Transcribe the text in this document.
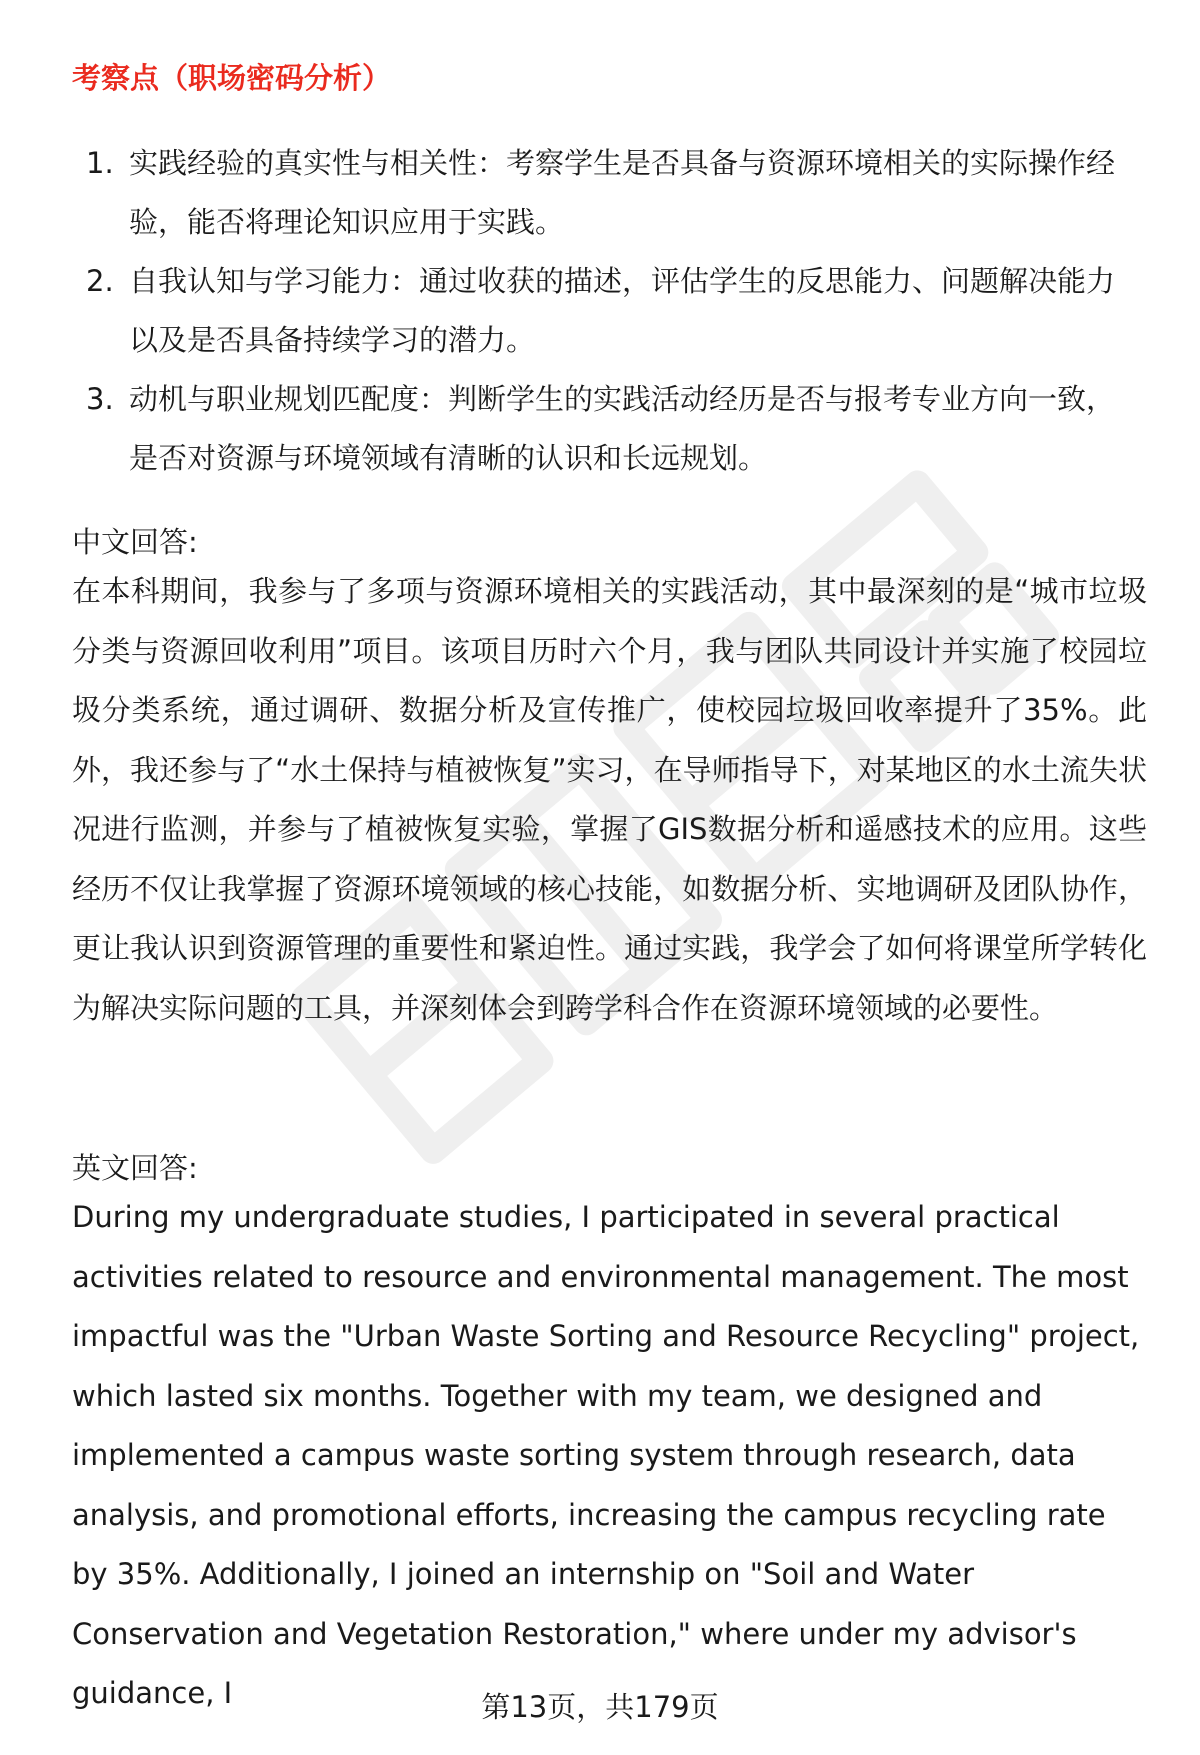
考察点（职场密码分析）
1. 实践经验的真实性与相关性：考察学生是否具备与资源环境相关的实际操作经验，能否将理论知识应用于实践。
2. 自我认知与学习能力：通过收获的描述，评估学生的反思能力、问题解决能力以及是否具备持续学习的潜力。
3. 动机与职业规划匹配度：判断学生的实践活动经历是否与报考专业方向一致，是否对资源与环境领域有清晰的认识和长远规划。
中文回答:

在本科期间，我参与了多项与资源环境相关的实践活动，其中最深刻的是“城市垃圾分类与资源回收利用”项目。该项目历时六个月，我与团队共同设计并实施了校园垃圾分类系统，通过调研、数据分析及宣传推广，使校园垃圾回收率提升了35%。此外，我还参与了“水土保持与植被恢复”实习，在导师指导下，对某地区的水土流失状况进行监测，并参与了植被恢复实验，掌握了GIS数据分析和遥感技术的应用。这些经历不仅让我掌握了资源环境领域的核心技能，如数据分析、实地调研及团队协作，更让我认识到资源管理的重要性和紧迫性。通过实践，我学会了如何将课堂所学转化为解决实际问题的工具，并深刻体会到跨学科合作在资源环境领域的必要性。

英文回答:

During my undergraduate studies, I participated in several practical activities related to resource and environmental management. The most impactful was the "Urban Waste Sorting and Resource Recycling" project, which lasted six months. Together with my team, we designed and implemented a campus waste sorting system through research, data analysis, and promotional efforts, increasing the campus recycling rate by 35%. Additionally, I joined an internship on "Soil and Water Conservation and Vegetation Restoration," where under my advisor's guidance, I	第13页，共179页
